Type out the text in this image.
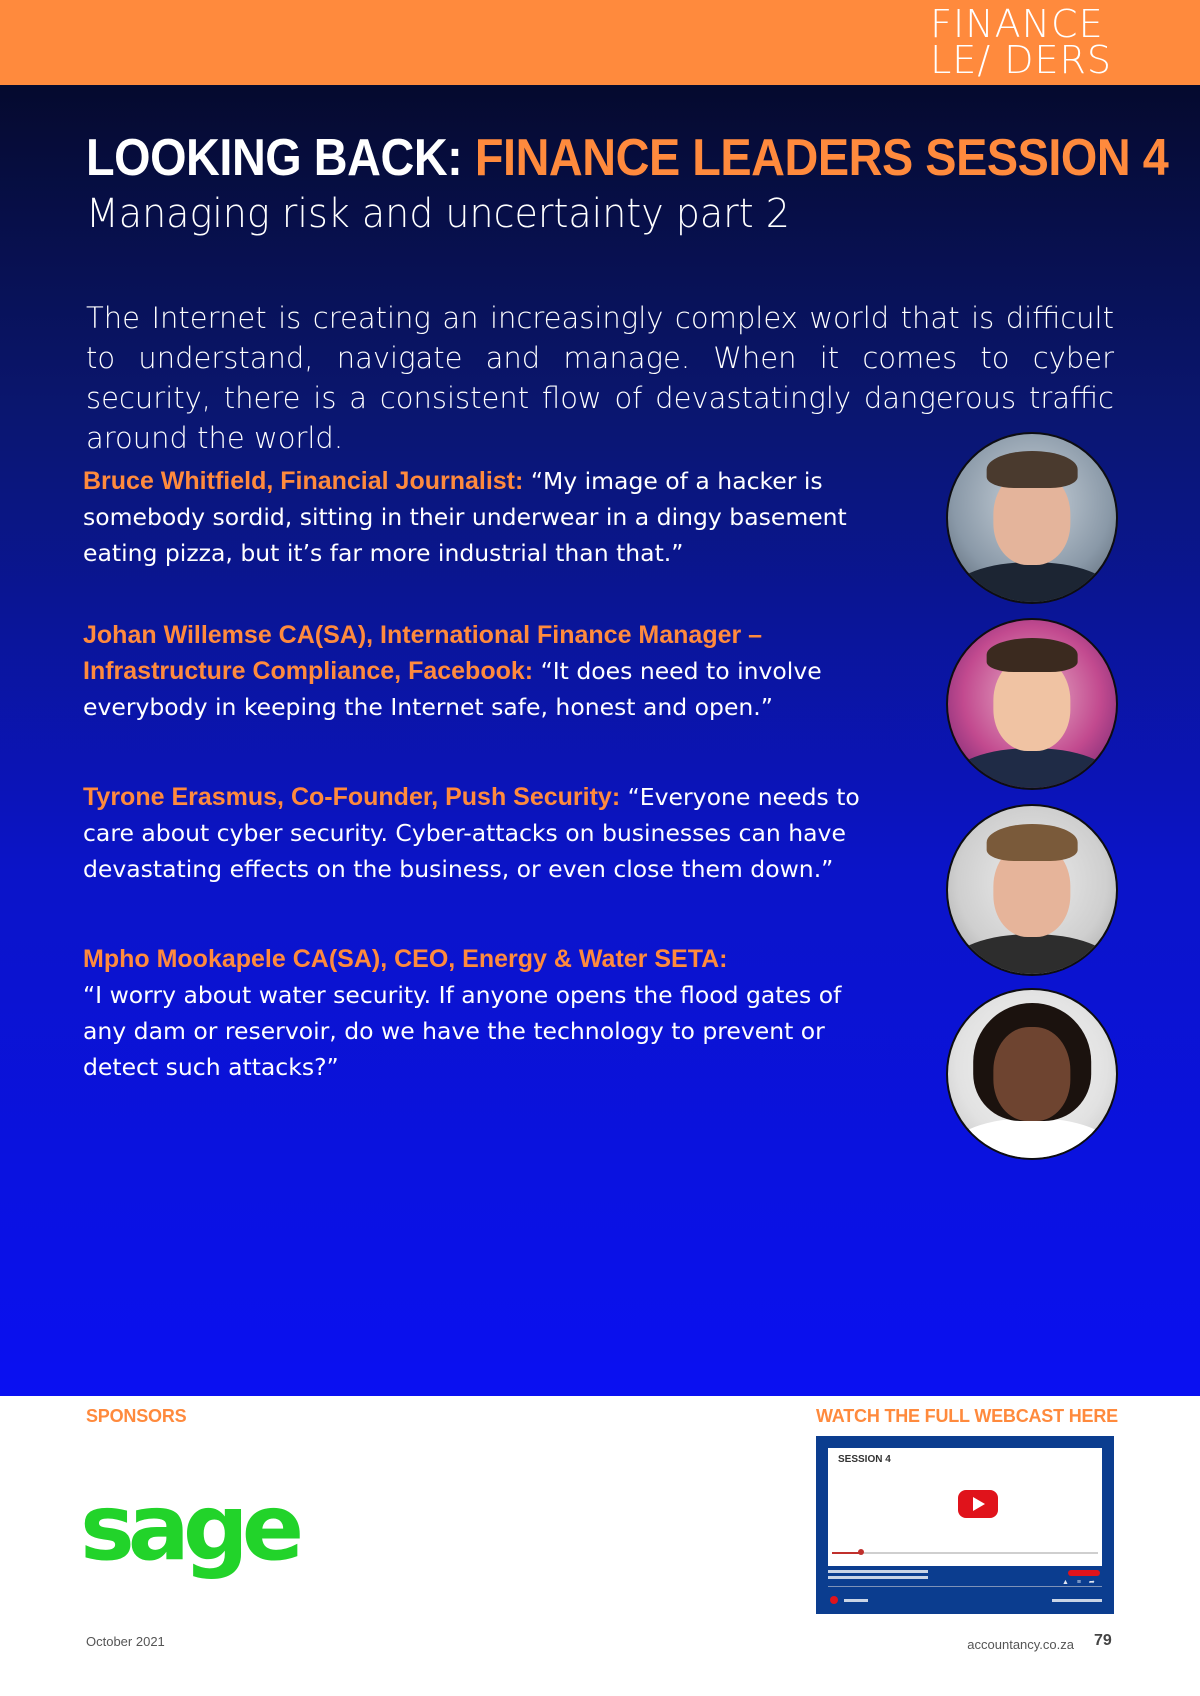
FINANCE
LE/ DERS
LOOKING BACK: FINANCE LEADERS SESSION 4
Managing risk and uncertainty part 2

The Internet is creating an increasingly complex world that is difficult to understand, navigate and manage. When it comes to cyber security, there is a consistent flow of devastatingly dangerous traffic around the world.

Bruce Whitfield, Financial Journalist: “My image of a hacker is somebody sordid, sitting in their underwear in a dingy basement eating pizza, but it’s far more industrial than that.”

Johan Willemse CA(SA), International Finance Manager – Infrastructure Compliance, Facebook: “It does need to involve everybody in keeping the Internet safe, honest and open.”

Tyrone Erasmus, Co-Founder, Push Security: “Everyone needs to care about cyber security. Cyber-attacks on businesses can have devastating effects on the business, or even close them down.”

Mpho Mookapele CA(SA), CEO, Energy & Water SETA:
“I worry about water security. If anyone opens the flood gates of any dam or reservoir, do we have the technology to prevent or detect such attacks?”

SPONSORS
sage
WATCH THE FULL WEBCAST HERE
SESSION 4
▲ ≡ ➦
October 2021	accountancy.co.za 79
